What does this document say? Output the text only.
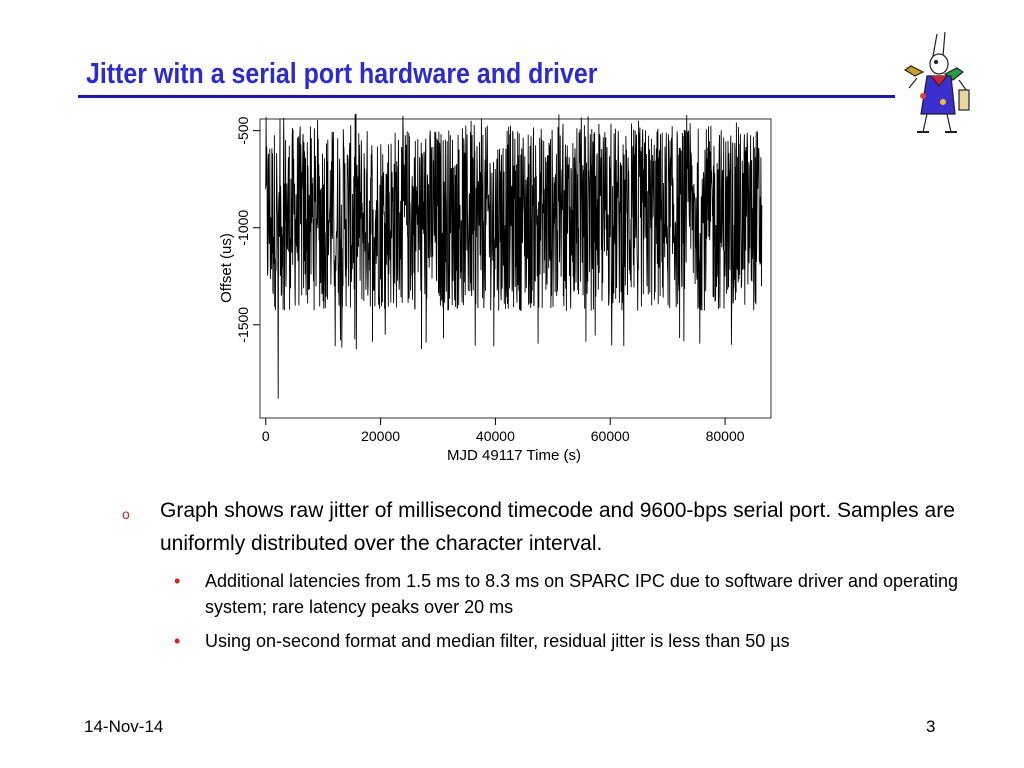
Jitter witn a serial port hardware and driver
-500
-1000
-1500
0	20000	40000	60000	80000
Offset (us)
MJD 49117 Time (s)
o Graph shows raw jitter of millisecond timecode and 9600-bps serial port. Samples are uniformly distributed over the character interval.
• Additional latencies from 1.5 ms to 8.3 ms on SPARC IPC due to software driver and operating system; rare latency peaks over 20 ms
• Using on-second format and median filter, residual jitter is less than 50 µs
14-Nov-14	3
